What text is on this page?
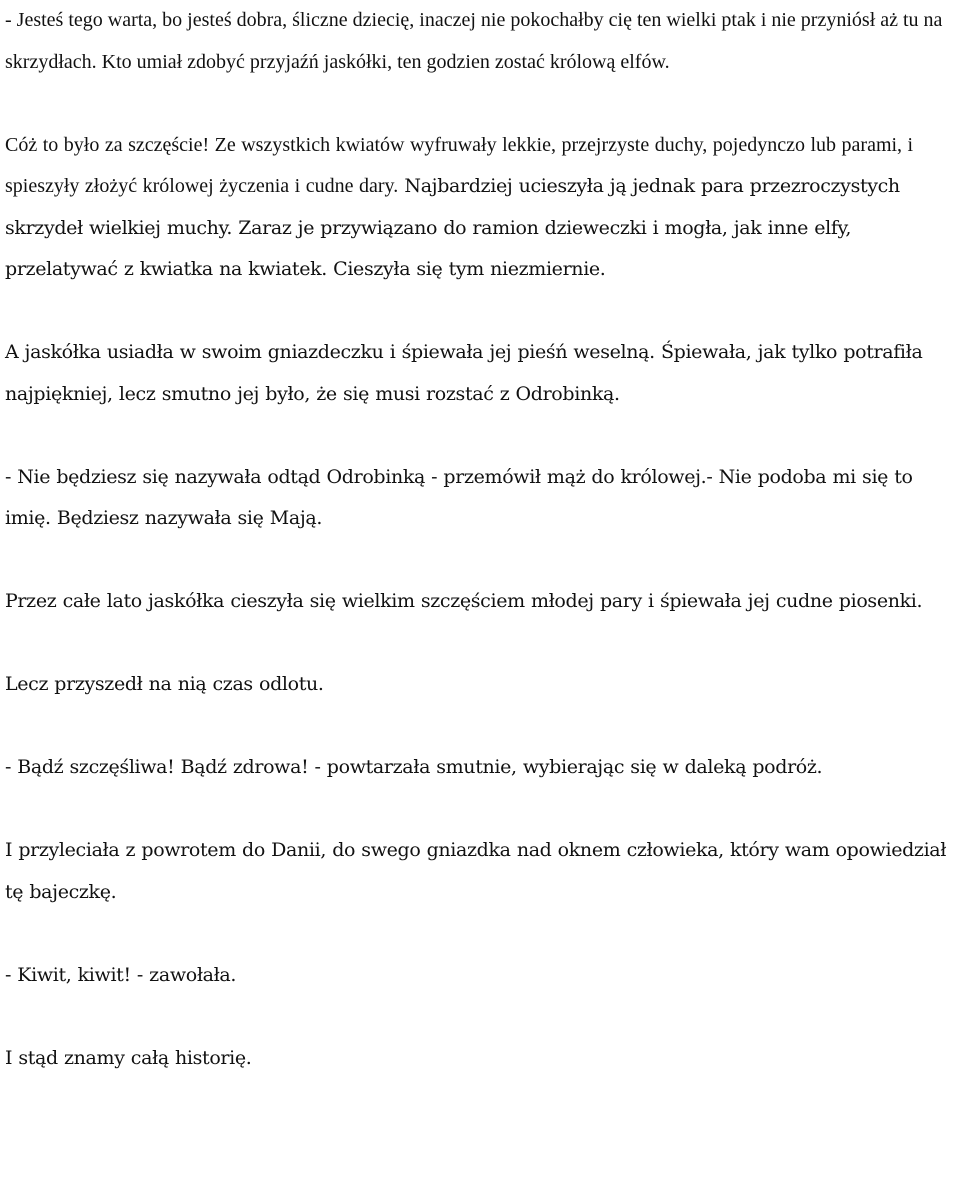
- Jesteś tego warta, bo jesteś dobra, śliczne dziecię, inaczej nie pokochałby cię ten wielki ptak i nie przyniósł aż tu na skrzydłach. Kto umiał zdobyć przyjaźń jaskółki, ten godzien zostać królową elfów.

Cóż to było za szczęście! Ze wszystkich kwiatów wyfruwały lekkie, przejrzyste duchy, pojedynczo lub parami, i spieszyły złożyć królowej życzenia i cudne dary. Najbardziej ucieszyła ją jednak para przezroczystych skrzydeł wielkiej muchy. Zaraz je przywiązano do ramion dzieweczki i mogła, jak inne elfy, przelatywać z kwiatka na kwiatek. Cieszyła się tym niezmiernie.

A jaskółka usiadła w swoim gniazdeczku i śpiewała jej pieśń weselną. Śpiewała, jak tylko potrafiła najpiękniej, lecz smutno jej było, że się musi rozstać z Odrobinką.

- Nie będziesz się nazywała odtąd Odrobinką - przemówił mąż do królowej.- Nie podoba mi się to imię. Będziesz nazywała się Mają.

Przez całe lato jaskółka cieszyła się wielkim szczęściem młodej pary i śpiewała jej cudne piosenki.

Lecz przyszedł na nią czas odlotu.

- Bądź szczęśliwa! Bądź zdrowa! - powtarzała smutnie, wybierając się w daleką podróż.

I przyleciała z powrotem do Danii, do swego gniazdka nad oknem człowieka, który wam opowiedział tę bajeczkę.

- Kiwit, kiwit! - zawołała.

I stąd znamy całą historię.
